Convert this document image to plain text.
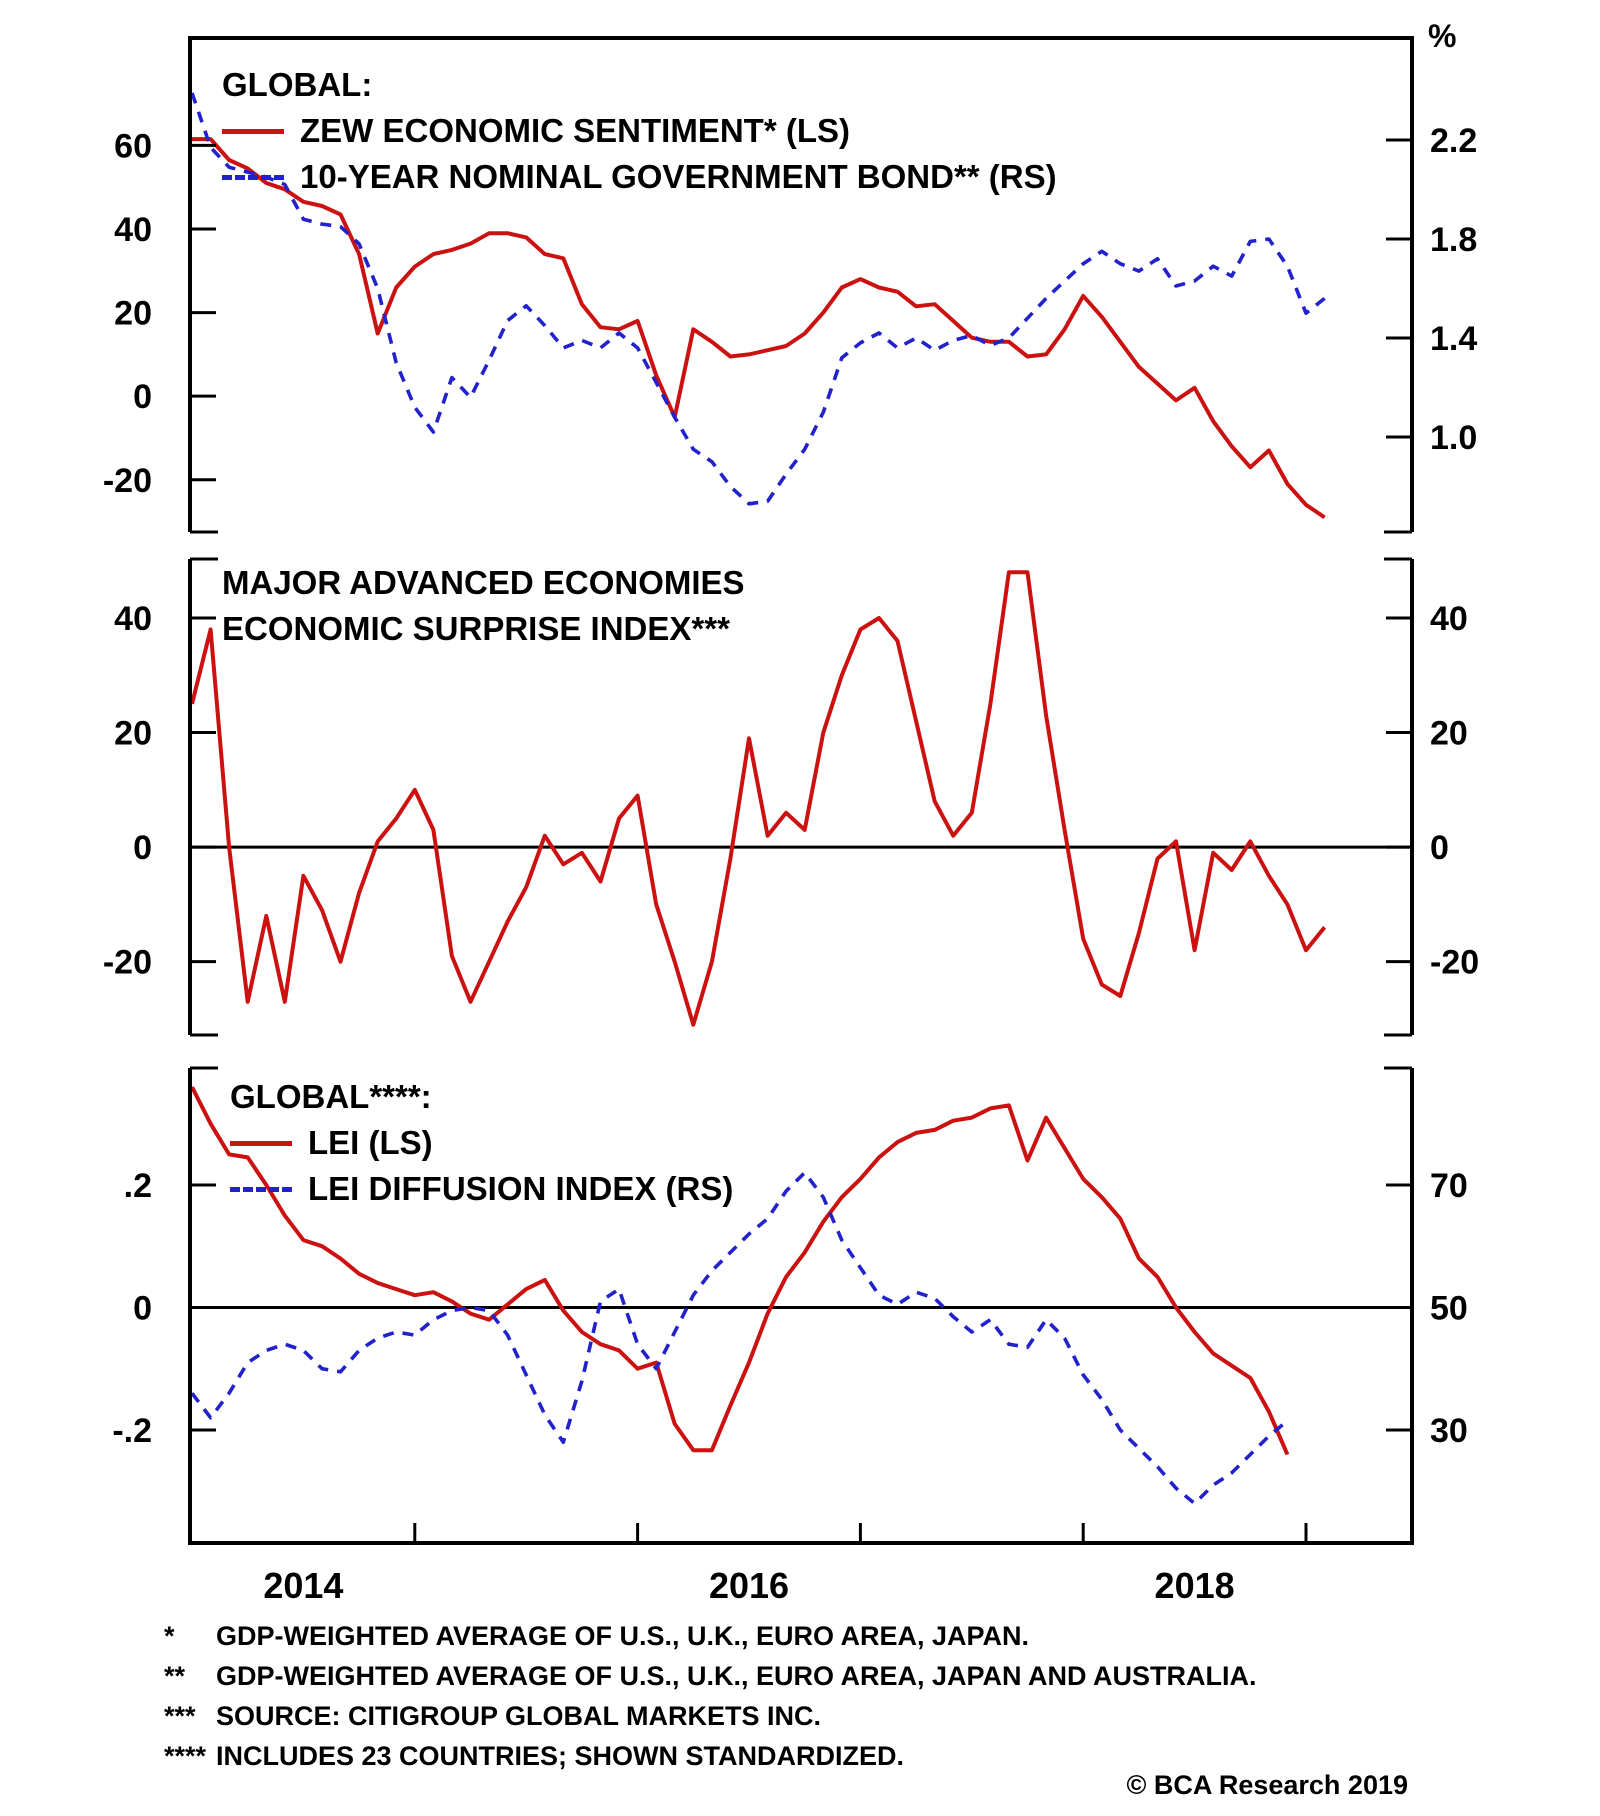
60
40
20
0
-20
2.2
1.8
1.4
1.0
%
40
20
0
-20
40
20
0
-20
.2
0
-.2
70
50
30
2014	2016	2018
GLOBAL:
ZEW ECONOMIC SENTIMENT* (LS)
10-YEAR NOMINAL GOVERNMENT BOND** (RS)
MAJOR ADVANCED ECONOMIES
ECONOMIC SURPRISE INDEX***
GLOBAL****:
LEI (LS)
LEI DIFFUSION INDEX (RS)
*	GDP-WEIGHTED AVERAGE OF U.S., U.K., EURO AREA, JAPAN.
**	GDP-WEIGHTED AVERAGE OF U.S., U.K., EURO AREA, JAPAN AND AUSTRALIA.
*** SOURCE: CITIGROUP GLOBAL MARKETS INC.
**** INCLUDES 23 COUNTRIES; SHOWN STANDARDIZED.
© BCA Research 2019
